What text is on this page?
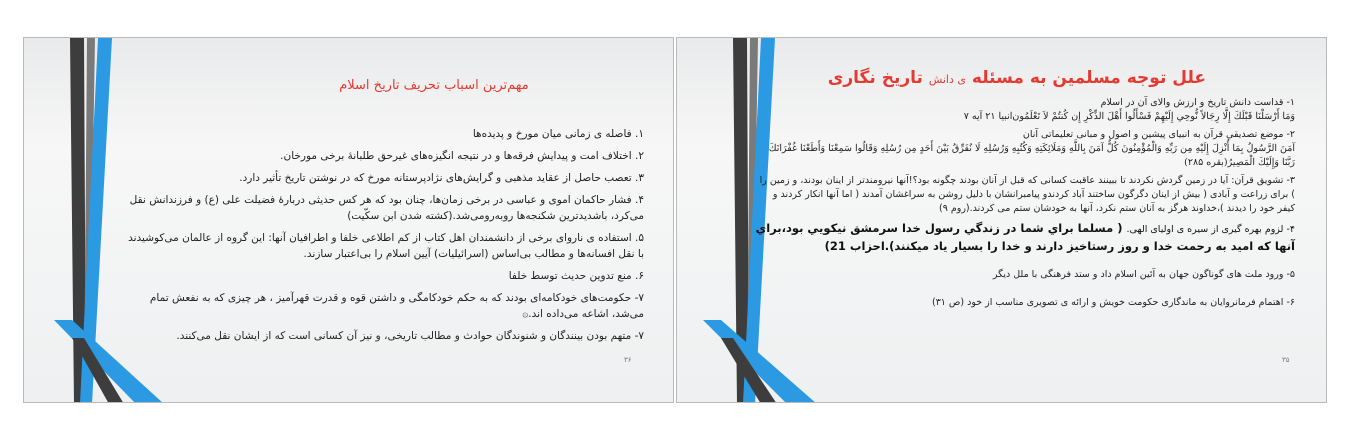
مهم‌ترین اسباب تحریف تاریخ اسلام
۱. فاصله ی زمانی میان مورخ و پدیده‌ها
۲. اختلاف امت و پیدایش فرقه‌ها و در نتیجه انگیزه‌های غیرحق طلبانهٔ برخی مورخان.
۳. تعصب حاصل از عقاید مذهبی و گرایش‌های نژادپرستانه مورخ که در نوشتن تاریخ تأثیر دارد.
۴. فشار حاکمان اموی و عباسی در برخی زمان‌ها، چنان بود که هر کس حدیثی دربارهٔ فضیلت علی (ع) و فرزندانش نقل می‌کرد، باشدیدترین شکنجه‌ها روبه‌رومی‌شد.(کشته شدن ابن سکّیت)
۵. استفاده ی ناروای برخی از دانشمندان اهل کتاب از کم اطلاعی خلفا و اطرافیان آنها: این گروه از عالمان می‌کوشیدند با نقل افسانه‌ها و مطالب بی‌اساس (اسرائیلیات) آیین اسلام را بی‌اعتبار سازند.
۶. منع تدوین حدیث توسط خلفا
۷- حکومت‌های خودکامه‌ای بودند که به حکم خودکامگی و داشتن قوه و قدرت قهرآمیز ، هر چیزی که به نفعش تمام می‌شد، اشاعه می‌داده اند.۞
۷- متهم بودن بینندگان و شنوندگان حوادث و مطالب تاریخی، و نیز آن کسانی است که از ایشان نقل می‌کنند.
۳۶
علل توجه مسلمین به مسئله ی دانش تاریخ نگاری
۱- قداست دانش تاریخ و ارزش والای آن در اسلام
وَمَا أَرْسَلْنَا قَبْلَكَ إِلَّا رِجَالاً نُّوحِي إِلَيْهِمْ فَسْأَلُوا أَهْلَ الذِّكْرِ إِن كُنتُمْ لاَ تَعْلَمُون‌انبیا ۲۱ آیه ۷
۲- موضع تصدیقی قرآن به انبیای پیشین و اصول و مبانی تعلیماتی آنان
آمَنَ الرَّسُولُ بِمَا أُنْزِلَ إِلَيْهِ مِن رَبِّهِ وَالْمُؤْمِنُونَ كُلٌّ آمَنَ بِاللَّهِ وَمَلَائِكَتِهِ وَكُتُبِهِ وَرُسُلِهِ لَا نُفَرِّقُ بَيْنَ أَحَدٍ مِن رُسُلِهِ وَقَالُوا سَمِعْنَا وَأَطَعْنَا غُفْرَانَكَ رَبَّنَا وَإِلَيْكَ الْمَصِيرُ(بقره ۲۸۵)
۳- تشویق قرآن: آیا در زمین گردش نکردند تا ببینند عاقبت کسانی که قبل از آنان بودند چگونه بود؟!آنها نیرومندتر از اینان بودند، و زمین را ) برای زراعت و آبادی ( بیش از اینان دگرگون ساختند آباد کردندو پیامبرانشان با دلیل روشن به سراغشان آمدند ( اما آنها انکار کردند و کیفر خود را دیدند )،خداوند هرگز به آنان ستم نکرد، آنها به خودشان ستم می کردند.(روم ۹)
۴- لزوم بهره گیری از سیره ی اولیای الهی. ( مسلما براي شما در زندگي رسول خدا سرمشق نيكويي بود،براي آنها كه اميد به رحمت خدا و روز رستاخيز دارند و خدا را بسيار ياد ميكنند).احزاب 21)
۵- ورود ملت های گوناگون جهان به آئین اسلام داد و ستد فرهنگی با ملل دیگر
۶- اهتمام فرمانروایان به ماندگاری حکومت خویش و ارائه ی تصویری مناسب از خود (ص ۳۱)
۳۵
